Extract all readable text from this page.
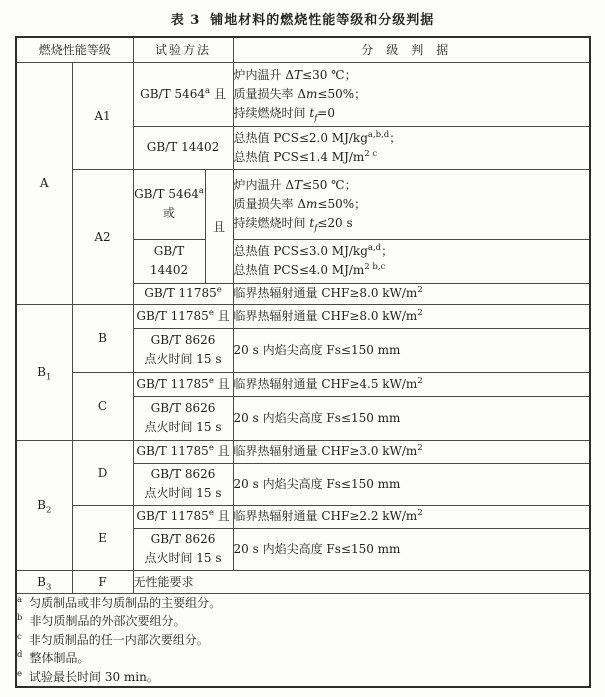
表 3 铺地材料的燃烧性能等级和分级判据
燃烧性能等级		试验方法		分级判据

A	A1	GB/T 5464$^a$ 且		炉内温升 ΔT≤30 ℃；
质量损失率 Δm≤50%；
持续燃烧时间 $t_f=0$

		GB/T 14402		总热值 PCS≤2.0 MJ/kg$^{a,b,d}$；
总热值 PCS≤1.4 $MJ/m^{2 c}$

	A2	GB/T 5464$^a$ 或	且	炉内温升 ΔT≤50 ℃；
质量损失率 Δm≤50%；
持续燃烧时间 $t_f\le 20$ s

		GB/T 14402		总热值 PCS≤3.0 MJ/kg$^{a,d}$；
总热值 PCS≤4.0 $MJ/m^{2 b,c}$

		GB/T 11785e		临界热辐射通量 CHF≥8.0 $kW/m^2$

$B_1$	B	GB/T 11785e 且		临界热辐射通量 CHF≥8.0 $kW/m^2$

		GB/T 8626
点火时间 15 s		20 s 内焰尖高度 Fs≤150 mm

	C	GB/T 11785e 且		临界热辐射通量 CHF≥4.5 $kW/m^2$

		GB/T 8626
点火时间 15 s		20 s 内焰尖高度 Fs≤150 mm

$B_2$	D	GB/T 11785e 且		临界热辐射通量 CHF≥3.0 $kW/m^2$

		GB/T 8626
点火时间 15 s		20 s 内焰尖高度 Fs≤150 mm

	E	GB/T 11785e 且		临界热辐射通量 CHF≥2.2 $kW/m^2$

		GB/T 8626
点火时间 15 s		20 s 内焰尖高度 Fs≤150 mm

$B_3$	F	无性能要求		

$^a$ 匀质制品或非匀质制品的主要组分。
$^b$ 非匀质制品的外部次要组分。
$^c$ 非匀质制品的任一内部次要组分。
$^d$ 整体制品。
$^e$ 试验最长时间 30 min。				
